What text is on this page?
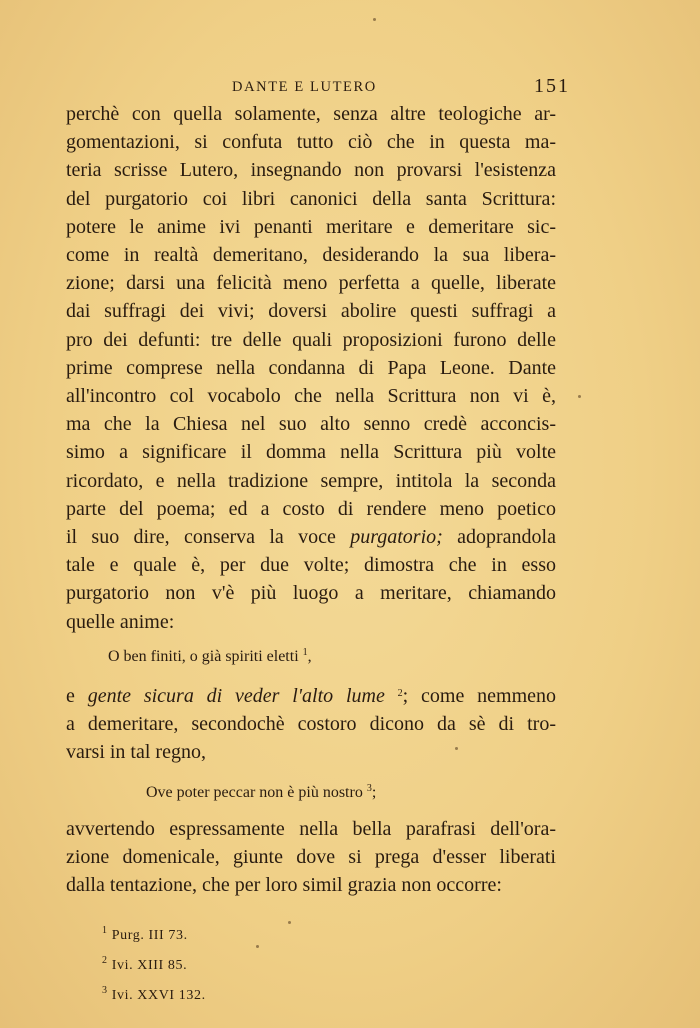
DANTE E LUTERO	151
perchè con quella solamente, senza altre teologiche ar-
gomentazioni, si confuta tutto ciò che in questa ma-
teria scrisse Lutero, insegnando non provarsi l'esistenza
del purgatorio coi libri canonici della santa Scrittura:
potere le anime ivi penanti meritare e demeritare sic-
come in realtà demeritano, desiderando la sua libera-
zione; darsi una felicità meno perfetta a quelle, liberate
dai suffragi dei vivi; doversi abolire questi suffragi a
pro dei defunti: tre delle quali proposizioni furono delle
prime comprese nella condanna di Papa Leone. Dante
all'incontro col vocabolo che nella Scrittura non vi è,
ma che la Chiesa nel suo alto senno credè acconcis-
simo a significare il domma nella Scrittura più volte
ricordato, e nella tradizione sempre, intitola la seconda
parte del poema; ed a costo di rendere meno poetico
il suo dire, conserva la voce purgatorio; adoprandola
tale e quale è, per due volte; dimostra che in esso
purgatorio non v'è più luogo a meritare, chiamando
quelle anime:
O ben finiti, o già spiriti eletti $^1$,
e gente sicura di veder l'alto lume $^2$; come nemmeno
a demeritare, secondochè costoro dicono da sè di tro-
varsi in tal regno,
Ove poter peccar non è più nostro $^3$;
avvertendo espressamente nella bella parafrasi dell'ora-
zione domenicale, giunte dove si prega d'esser liberati
dalla tentazione, che per loro simil grazia non occorre:
$^1$ Purg. III 73.
$^2$ Ivi. XIII 85.
$^3$ Ivi. XXVI 132.
